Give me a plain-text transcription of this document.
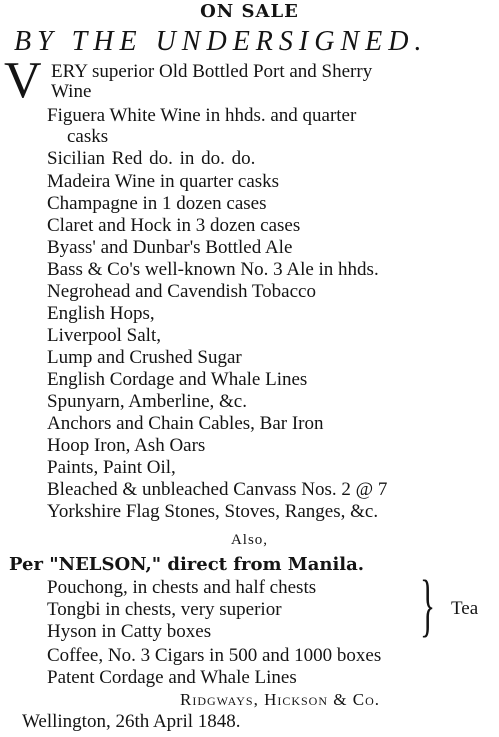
ON SALE
BY THE UNDERSIGNED.
V ERY superior Old Bottled Port and Sherry
Wine
Figuera White Wine in hhds. and quarter
casks
Sicilian Red do. in do. do.
Madeira Wine in quarter casks
Champagne in 1 dozen cases
Claret and Hock in 3 dozen cases
Byass' and Dunbar's Bottled Ale
Bass & Co's well-known No. 3 Ale in hhds.
Negrohead and Cavendish Tobacco
English Hops,
Liverpool Salt,
Lump and Crushed Sugar
English Cordage and Whale Lines
Spunyarn, Amberline, &c.
Anchors and Chain Cables, Bar Iron
Hoop Iron, Ash Oars
Paints, Paint Oil,
Bleached & unbleached Canvass Nos. 2 @ 7
Yorkshire Flag Stones, Stoves, Ranges, &c.
Also,
Per "NELSON," direct from Manila.
Pouchong, in chests and half chests
Tongbi in chests, very superior
Hyson in Catty boxes	} Tea
Coffee, No. 3 Cigars in 500 and 1000 boxes
Patent Cordage and Whale Lines
Ridgways, Hickson & Co.
Wellington, 26th April 1848.
